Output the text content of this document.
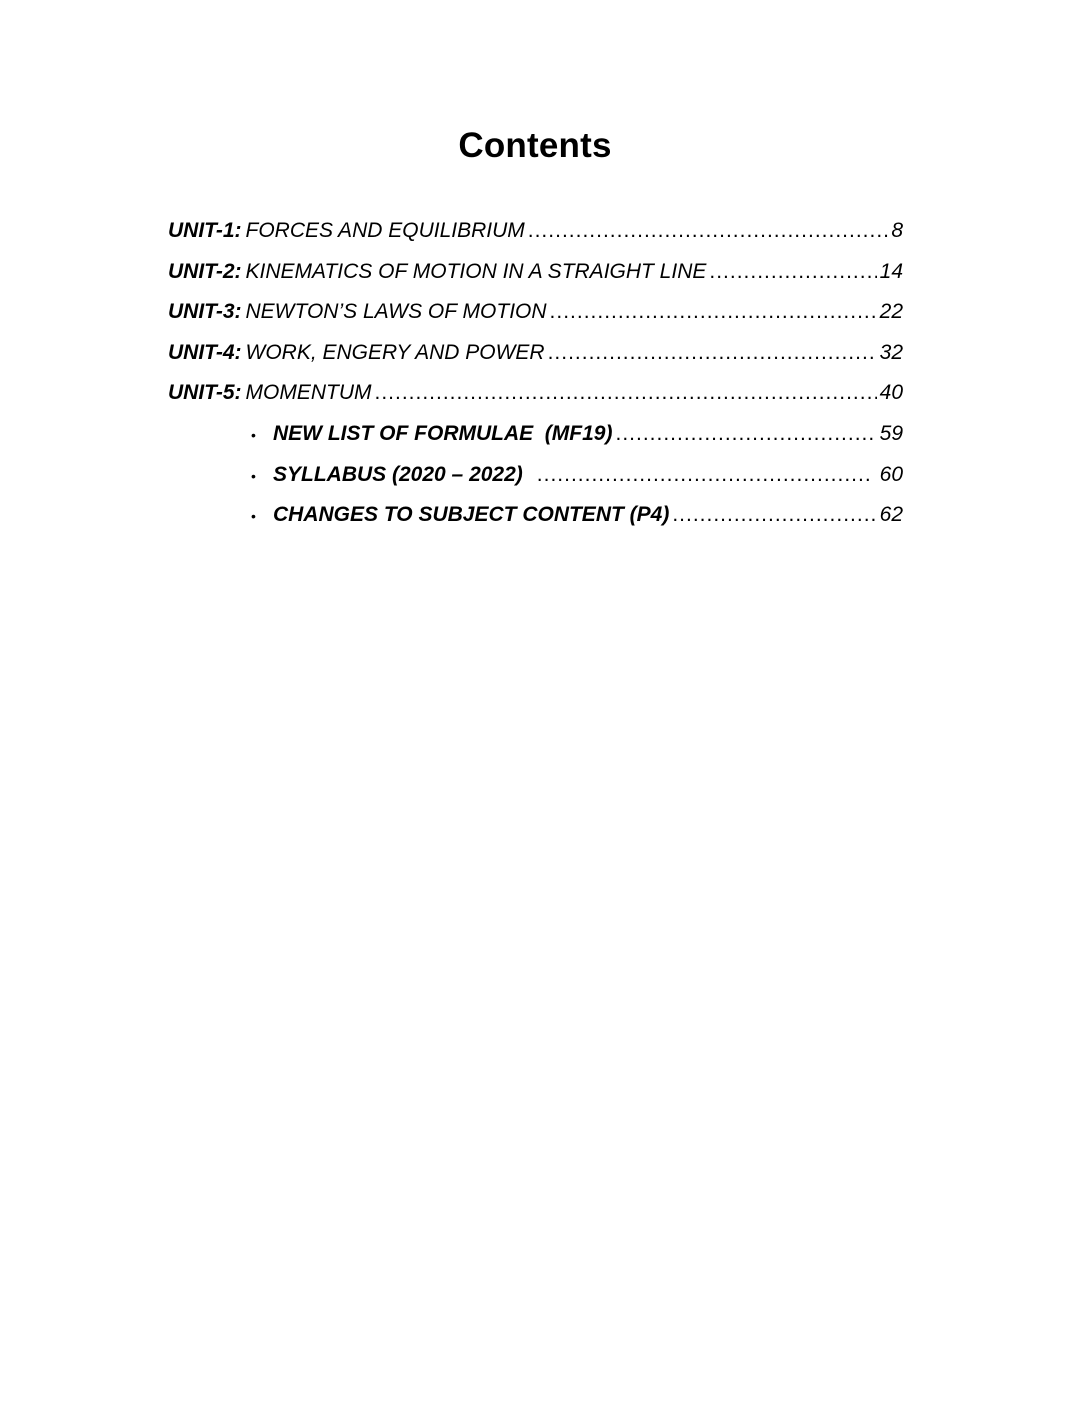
Contents
UNIT-1: FORCES AND EQUILIBRIUM .....	8
UNIT-2: KINEMATICS OF MOTION IN A STRAIGHT LINE .....	14
UNIT-3: NEWTON’S LAWS OF MOTION .....	22
UNIT-4: WORK, ENGERY AND POWER .....	32
UNIT-5: MOMENTUM .....	40
• NEW LIST OF FORMULAE  (MF19) .....	59
• SYLLABUS (2020 – 2022) .....	60
• CHANGES TO SUBJECT CONTENT (P4) .....	62
